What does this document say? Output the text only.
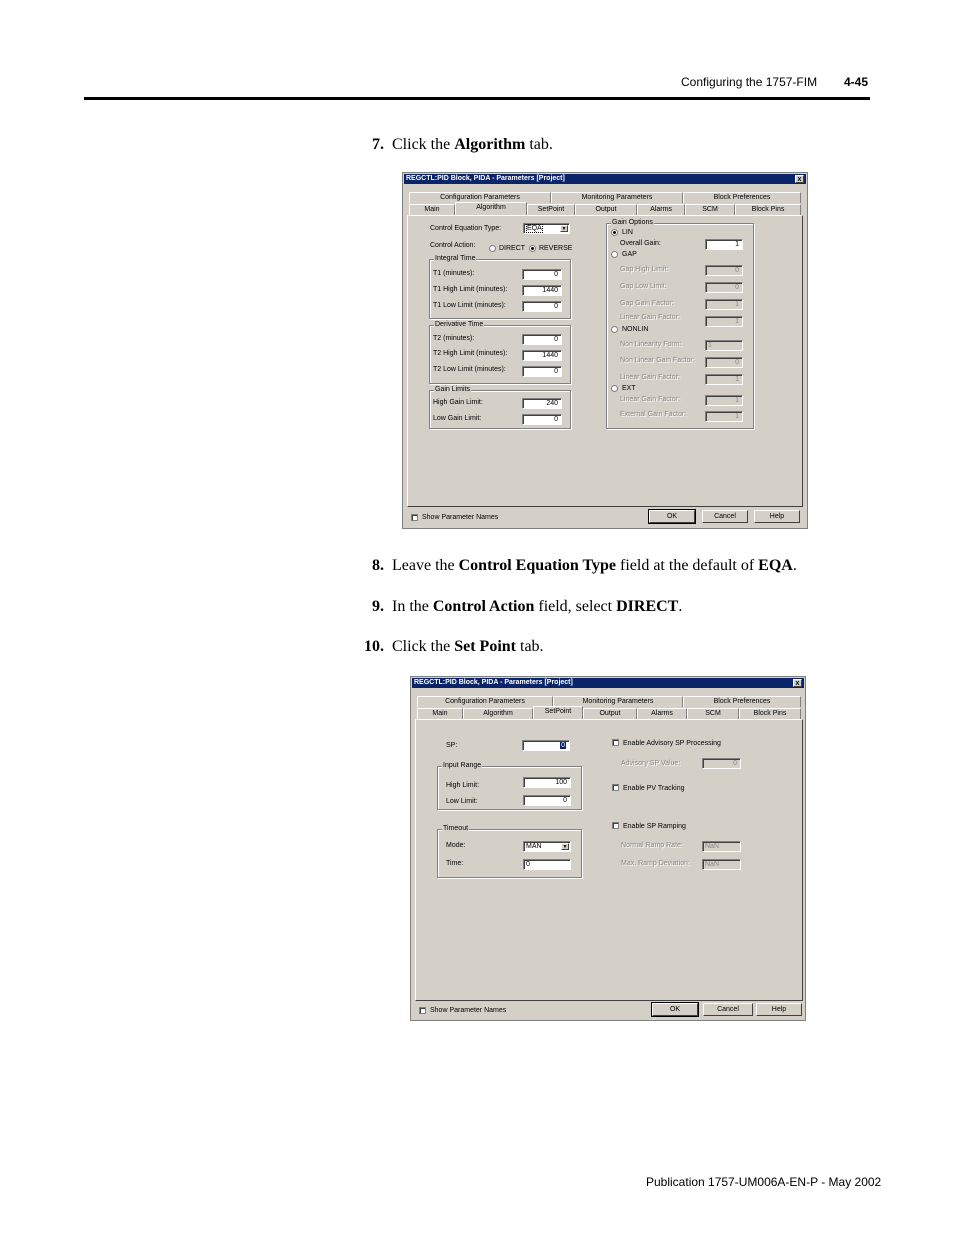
Configuring the 1757-FIM 4-45
7. Click the Algorithm tab.
REGCTL:PID Block, PIDA - Parameters [Project]	x
Configuration Parameters	Monitoring Parameters	Block Preferences
Main	Algorithm	SetPoint	Output	Alarms	SCM	Block Pins
Control Equation Type:	EQA	▼
Control Action:	DIRECT REVERSE
Integral Time
T1 (minutes):	0
T1 High Limit (minutes):	1440
T1 Low Limit (minutes):	0
Derivative Time
T2 (minutes):	0
T2 High Limit (minutes):	1440
T2 Low Limit (minutes):	0
Gain Limits
High Gain Limit:	240
Low Gain Limit:	0
Gain Options
LIN
Overall Gain:	1
GAP
Gap High Limit:	0
Gap Low Limit:	0
Gap Gain Factor:	1
Linear Gain Factor:
1
NONLIN
Non Linearity Form:	1
Non Linear Gain Factor:	0
Linear Gain Factor:	1
EXT
Linear Gain Factor:	1
External Gain Factor:	1
Show Parameter Names	OK	Cancel	Help
8. Leave the Control Equation Type field at the default of EQA.
9. In the Control Action field, select DIRECT.
10. Click the Set Point tab.
REGCTL:PID Block, PIDA - Parameters [Project]	x
Configuration Parameters	Monitoring Parameters	Block Preferences
Main	Algorithm	SetPoint	Output	Alarms	SCM	Block Pins
SP:	0
Input Range
High Limit:	100
Low Limit:	0
Timeout
Mode:	MAN	▼
Time:	0
Enable Advisory SP Processing
Advisory SP Value:	0
Enable PV Tracking
Enable SP Ramping
Normal Ramp Rate:	NaN
Max. Ramp Deviation:	NaN
Show Parameter Names	OK	Cancel	Help
Publication 1757-UM006A-EN-P - May 2002
